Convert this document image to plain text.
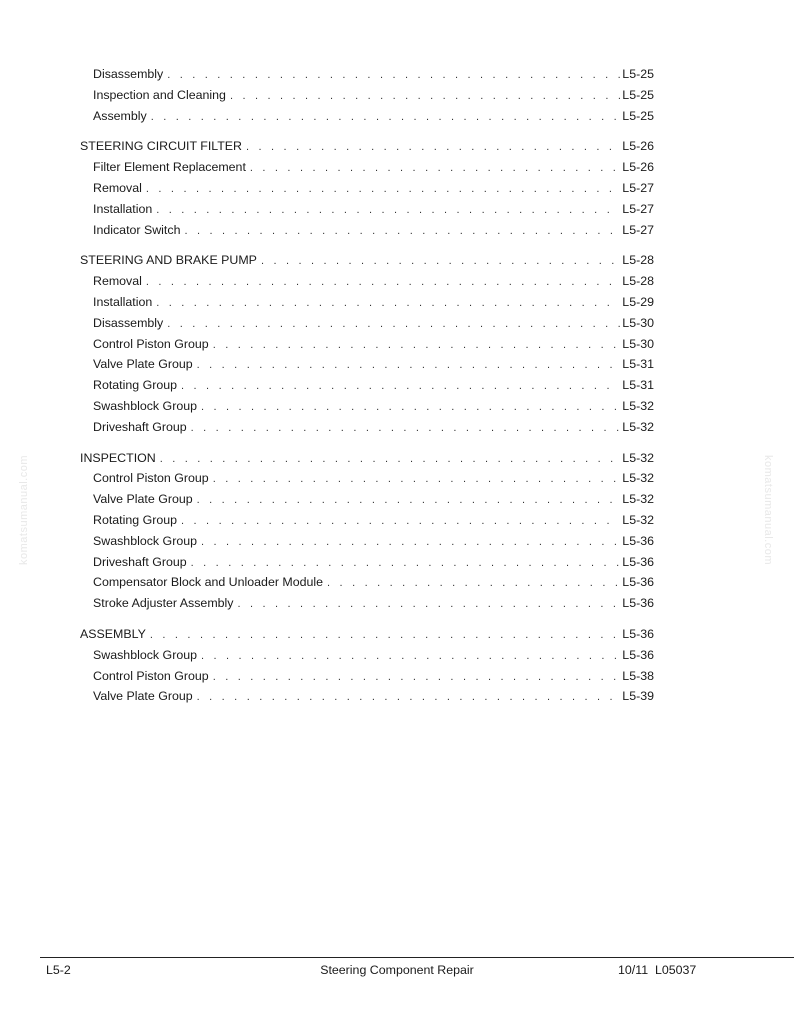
komatsumanual.com	komatsumanual.com
Disassembly . . .	L5-25
Inspection and Cleaning . . .	L5-25
Assembly . . .	L5-25
STEERING CIRCUIT FILTER . . .	L5-26
Filter Element Replacement . . .	L5-26
Removal . . .	L5-27
Installation . . .	L5-27
Indicator Switch . . .	L5-27
STEERING AND BRAKE PUMP . . .	L5-28
Removal . . .	L5-28
Installation . . .	L5-29
Disassembly . . .	L5-30
Control Piston Group . . .	L5-30
Valve Plate Group . . .	L5-31
Rotating Group . . .	L5-31
Swashblock Group . . .	L5-32
Driveshaft Group . . .	L5-32
INSPECTION . . .	L5-32
Control Piston Group . . .	L5-32
Valve Plate Group . . .	L5-32
Rotating Group . . .	L5-32
Swashblock Group . . .	L5-36
Driveshaft Group . . .	L5-36
Compensator Block and Unloader Module . . .	L5-36
Stroke Adjuster Assembly . . .	L5-36
ASSEMBLY . . .	L5-36
Swashblock Group . . .	L5-36
Control Piston Group . . .	L5-38
Valve Plate Group . . .	L5-39
L5-2	Steering Component Repair	10/11  L05037
